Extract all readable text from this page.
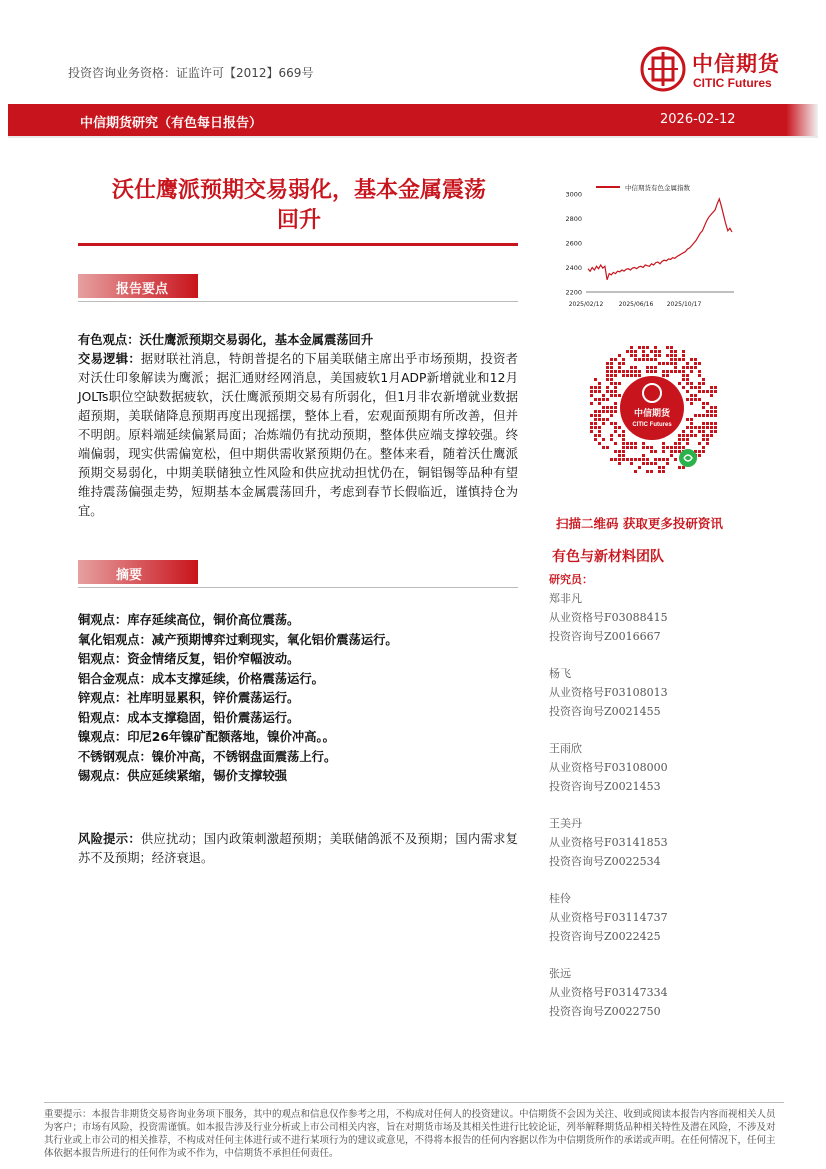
投资咨询业务资格：证监许可【2012】669号	中信期货
CITIC Futures
中信期货研究（有色每日报告）	2026-02-12
沃仕鹰派预期交易弱化，基本金属震荡
回升
报告要点
有色观点：沃仕鹰派预期交易弱化，基本金属震荡回升
交易逻辑：据财联社消息，特朗普提名的下届美联储主席出乎市场预期，投资者对沃仕印象解读为鹰派；据汇通财经网消息，美国疲软1月ADP新增就业和12月JOLTs职位空缺数据疲软，沃仕鹰派预期交易有所弱化，但1月非农新增就业数据超预期，美联储降息预期再度出现摇摆，整体上看，宏观面预期有所改善，但并不明朗。原料端延续偏紧局面；冶炼端仍有扰动预期，整体供应端支撑较强。终端偏弱，现实供需偏宽松，但中期供需收紧预期仍在。整体来看，随着沃仕鹰派预期交易弱化，中期美联储独立性风险和供应扰动担忧仍在，铜铝锡等品种有望维持震荡偏强走势，短期基本金属震荡回升，考虑到春节长假临近，谨慎持仓为宜。
摘要
铜观点：库存延续高位，铜价高位震荡。
氧化铝观点：减产预期博弈过剩现实，氧化铝价震荡运行。
铝观点：资金情绪反复，铝价窄幅波动。
铝合金观点：成本支撑延续，价格震荡运行。
锌观点：社库明显累积，锌价震荡运行。
铅观点：成本支撑稳固，铅价震荡运行。
镍观点：印尼26年镍矿配额落地，镍价冲高。。
不锈钢观点：镍价冲高，不锈钢盘面震荡上行。
锡观点：供应延续紧缩，锡价支撑较强
风险提示：供应扰动；国内政策刺激超预期；美联储鸽派不及预期；国内需求复苏不及预期；经济衰退。
中信期货有色金属指数
2200
2400
2600
2800
3000
2025/02/12	2025/06/16 2025/10/17
中信期货
CITIC Futures
扫描二维码 获取更多投研资讯
有色与新材料团队
研究员：
郑非凡
从业资格号F03088415
投资咨询号Z0016667
杨飞
从业资格号F03108013
投资咨询号Z0021455
王雨欣
从业资格号F03108000
投资咨询号Z0021453
王美丹
从业资格号F03141853
投资咨询号Z0022534
桂伶
从业资格号F03114737
投资咨询号Z0022425
张远
从业资格号F03147334
投资咨询号Z0022750
重要提示：本报告非期货交易咨询业务项下服务，其中的观点和信息仅作参考之用，不构成对任何人的投资建议。中信期货不会因为关注、收到或阅读本报告内容而视相关人员为客户；市场有风险，投资需谨慎。如本报告涉及行业分析或上市公司相关内容，旨在对期货市场及其相关性进行比较论证，列举解释期货品种相关特性及潜在风险，不涉及对其行业或上市公司的相关推荐，不构成对任何主体进行或不进行某项行为的建议或意见，不得将本报告的任何内容据以作为中信期货所作的承诺或声明。在任何情况下，任何主体依据本报告所进行的任何作为或不作为，中信期货不承担任何责任。
